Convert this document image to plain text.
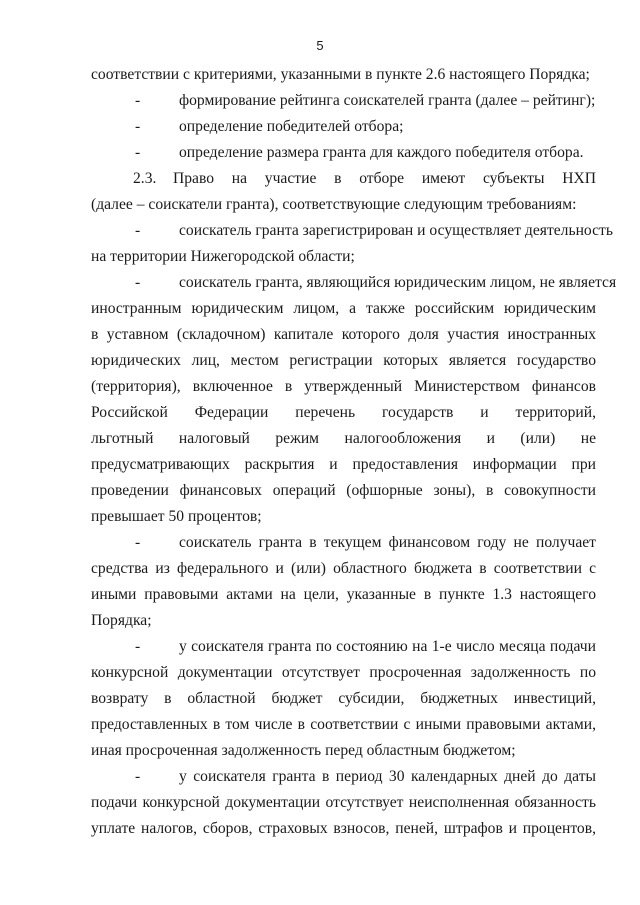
5
соответствии с критериями, указанными в пункте 2.6 настоящего Порядка;
-	формирование рейтинга соискателей гранта (далее – рейтинг);
-	определение победителей отбора;
-	определение размера гранта для каждого победителя отбора.
2.3.	Право на участие в отборе имеют субъекты НХП
(далее – соискатели гранта), соответствующие следующим требованиям:
-	соискатель гранта зарегистрирован и осуществляет деятельность
на территории Нижегородской области;
-	соискатель гранта, являющийся юридическим лицом, не является
иностранным юридическим лицом, а также российским юридическим
в уставном (складочном) капитале которого доля участия иностранных
юридических лиц, местом регистрации которых является государство
(территория), включенное в утвержденный Министерством финансов
Российской Федерации перечень государств и территорий,
льготный налоговый режим налогообложения и (или) не
предусматривающих раскрытия и предоставления информации при
проведении финансовых операций (офшорные зоны), в совокупности
превышает 50 процентов;
-	соискатель гранта в текущем финансовом году не получает
средства из федерального и (или) областного бюджета в соответствии с
иными правовыми актами на цели, указанные в пункте 1.3 настоящего
Порядка;
-	у соискателя гранта по состоянию на 1-е число месяца подачи
конкурсной документации отсутствует просроченная задолженность по
возврату в областной бюджет субсидии, бюджетных инвестиций,
предоставленных в том числе в соответствии с иными правовыми актами,
иная просроченная задолженность перед областным бюджетом;
-	у соискателя гранта в период 30 календарных дней до даты
подачи конкурсной документации отсутствует неисполненная обязанность
уплате налогов, сборов, страховых взносов, пеней, штрафов и процентов,
